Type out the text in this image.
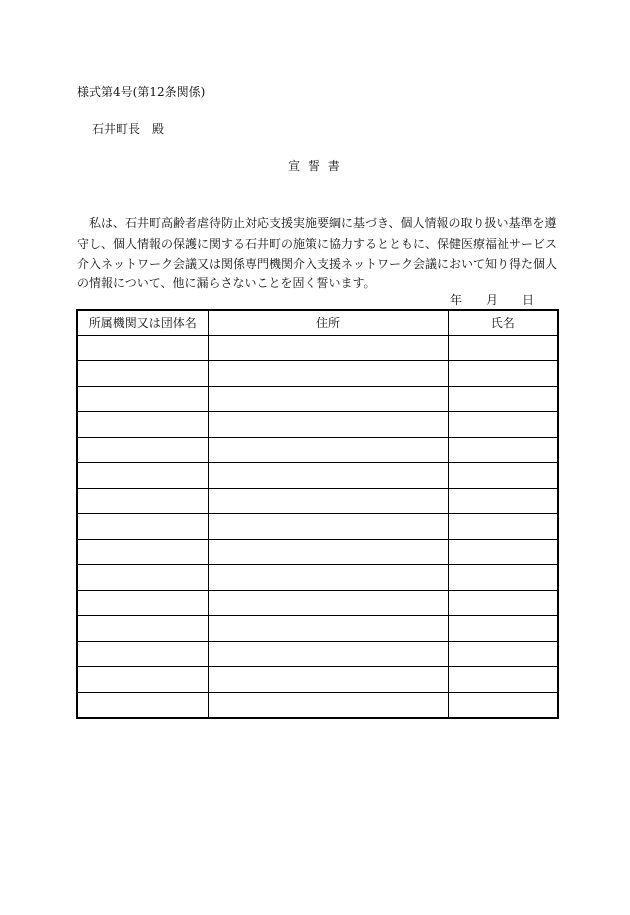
様式第4号(第12条関係)
石井町長　殿
宣 誓 書
　私は、石井町高齢者虐待防止対応支援実施要綱に基づき、個人情報の取り扱い基準を遵
守し、個人情報の保護に関する石井町の施策に協力するとともに、保健医療福祉サービス
介入ネットワーク会議又は関係専門機関介入支援ネットワーク会議において知り得た個人
の情報について、他に漏らさないことを固く誓います。
年　　月　　日
所属機関又は団体名	住所	氏名
